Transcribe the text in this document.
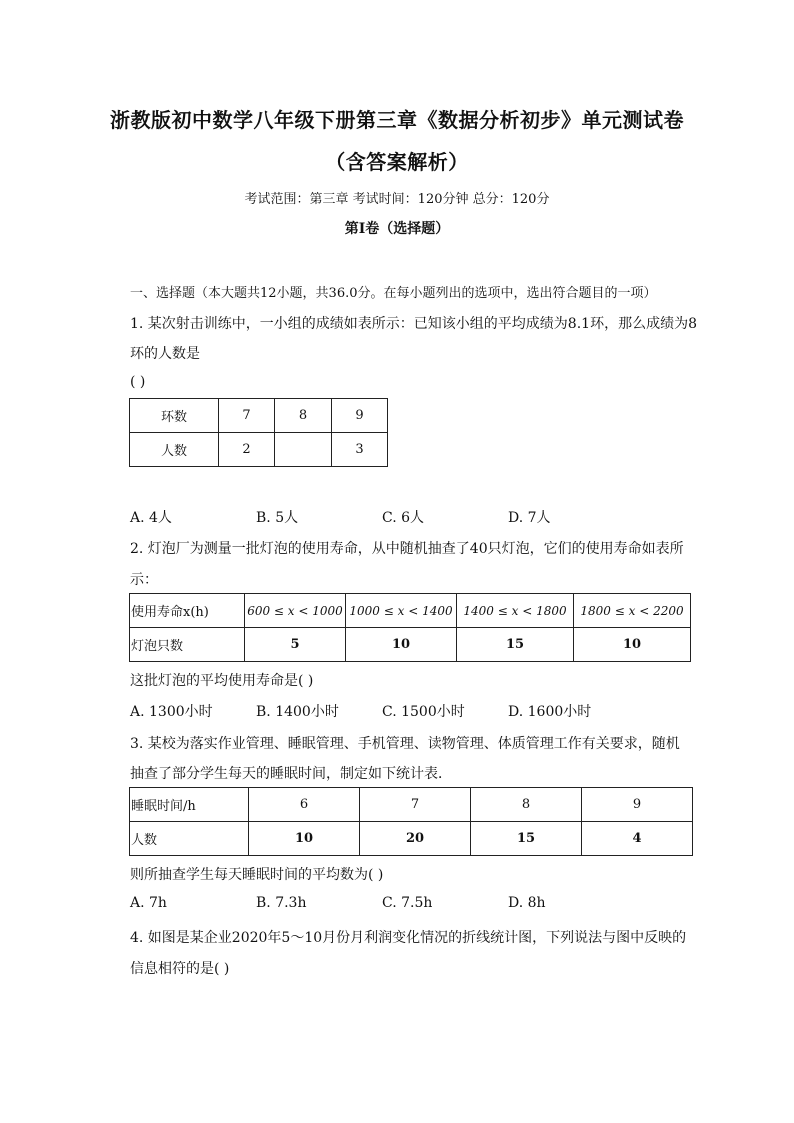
浙教版初中数学八年级下册第三章《数据分析初步》单元测试卷
（含答案解析）
考试范围：第三章 考试时间：120分钟 总分：120分
第I卷（选择题）
一、选择题（本大题共12小题，共36.0分。在每小题列出的选项中，选出符合题目的一项）
1. 某次射击训练中，一小组的成绩如表所示：已知该小组的平均成绩为8.1环，那么成绩为8
环的人数是
( )
环数	7	8	9
人数	2		3
A. 4人	B. 5人	C. 6人	D. 7人
2. 灯泡厂为测量一批灯泡的使用寿命，从中随机抽查了40只灯泡，它们的使用寿命如表所
示：
使用寿命x(h)	600 ≤ x < 1000	1000 ≤ x < 1400	1400 ≤ x < 1800	1800 ≤ x < 2200
灯泡只数	5	10	15	10
这批灯泡的平均使用寿命是( )
A. 1300小时	B. 1400小时	C. 1500小时	D. 1600小时
3. 某校为落实作业管理、睡眠管理、手机管理、读物管理、体质管理工作有关要求，随机
抽查了部分学生每天的睡眠时间，制定如下统计表．
睡眠时间/h	6	7	8	9
人数	10	20	15	4
则所抽查学生每天睡眠时间的平均数为( )
A. 7h	B. 7.3h	C. 7.5h	D. 8h
4. 如图是某企业2020年5～10月份月利润变化情况的折线统计图，下列说法与图中反映的
信息相符的是( )
